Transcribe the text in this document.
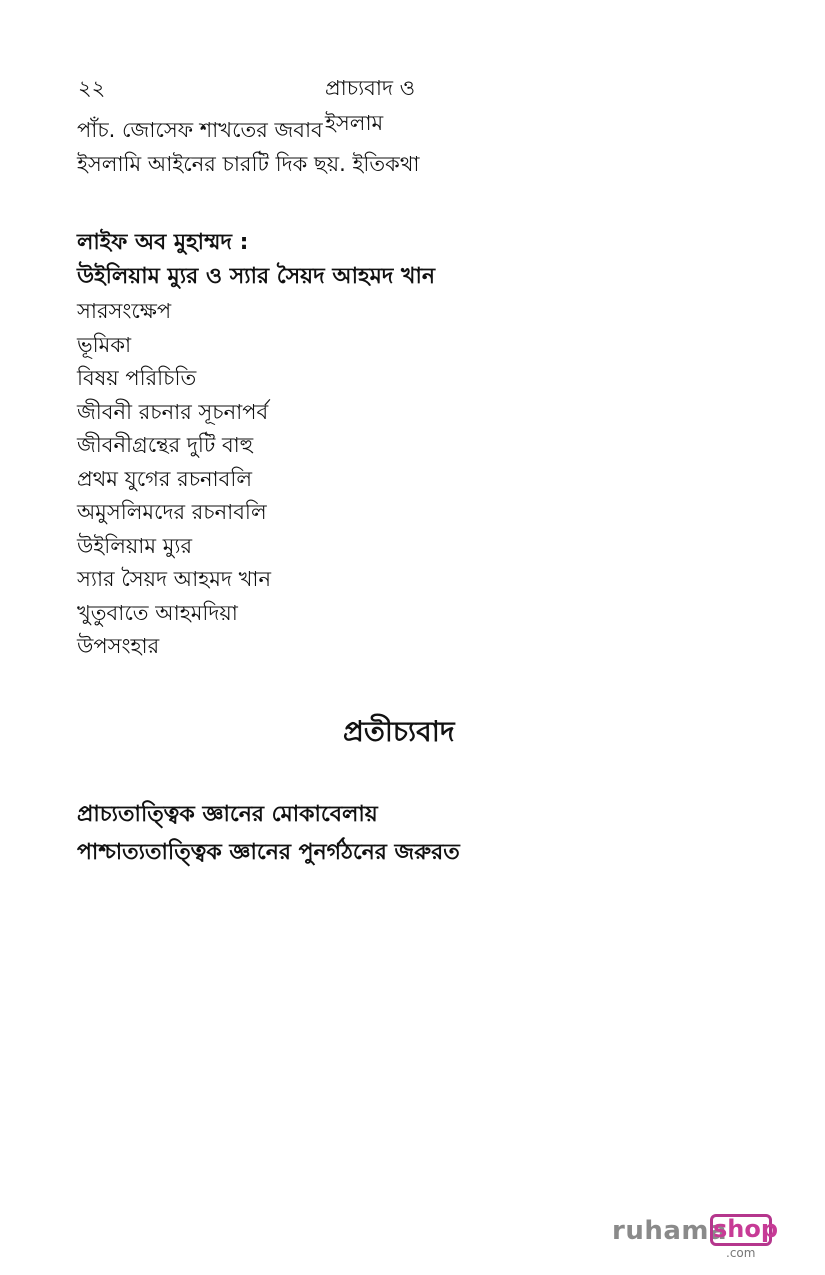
২২	প্রাচ্যবাদ ও ইসলাম
পাঁচ. জোসেফ শাখতের জবাব
ইসলামি আইনের চারটি দিক ছয়. ইতিকথা
লাইফ অব মুহাম্মদ :
উইলিয়াম ম্যুর ও স্যার সৈয়দ আহমদ খান
সারসংক্ষেপ
ভূমিকা
বিষয় পরিচিতি
জীবনী রচনার সূচনাপর্ব
জীবনীগ্রন্থের দুটি বাহু
প্রথম যুগের রচনাবলি
অমুসলিমদের রচনাবলি
উইলিয়াম ম্যুর
স্যার সৈয়দ আহমদ খান
খুতুবাতে আহমদিয়া
উপসংহার
প্রতীচ্যবাদ
প্রাচ্যতাত্ত্বিক জ্ঞানের মোকাবেলায়
পাশ্চাত্যতাত্ত্বিক জ্ঞানের পুনর্গঠনের জরুরত
ruhama
shop
.com
